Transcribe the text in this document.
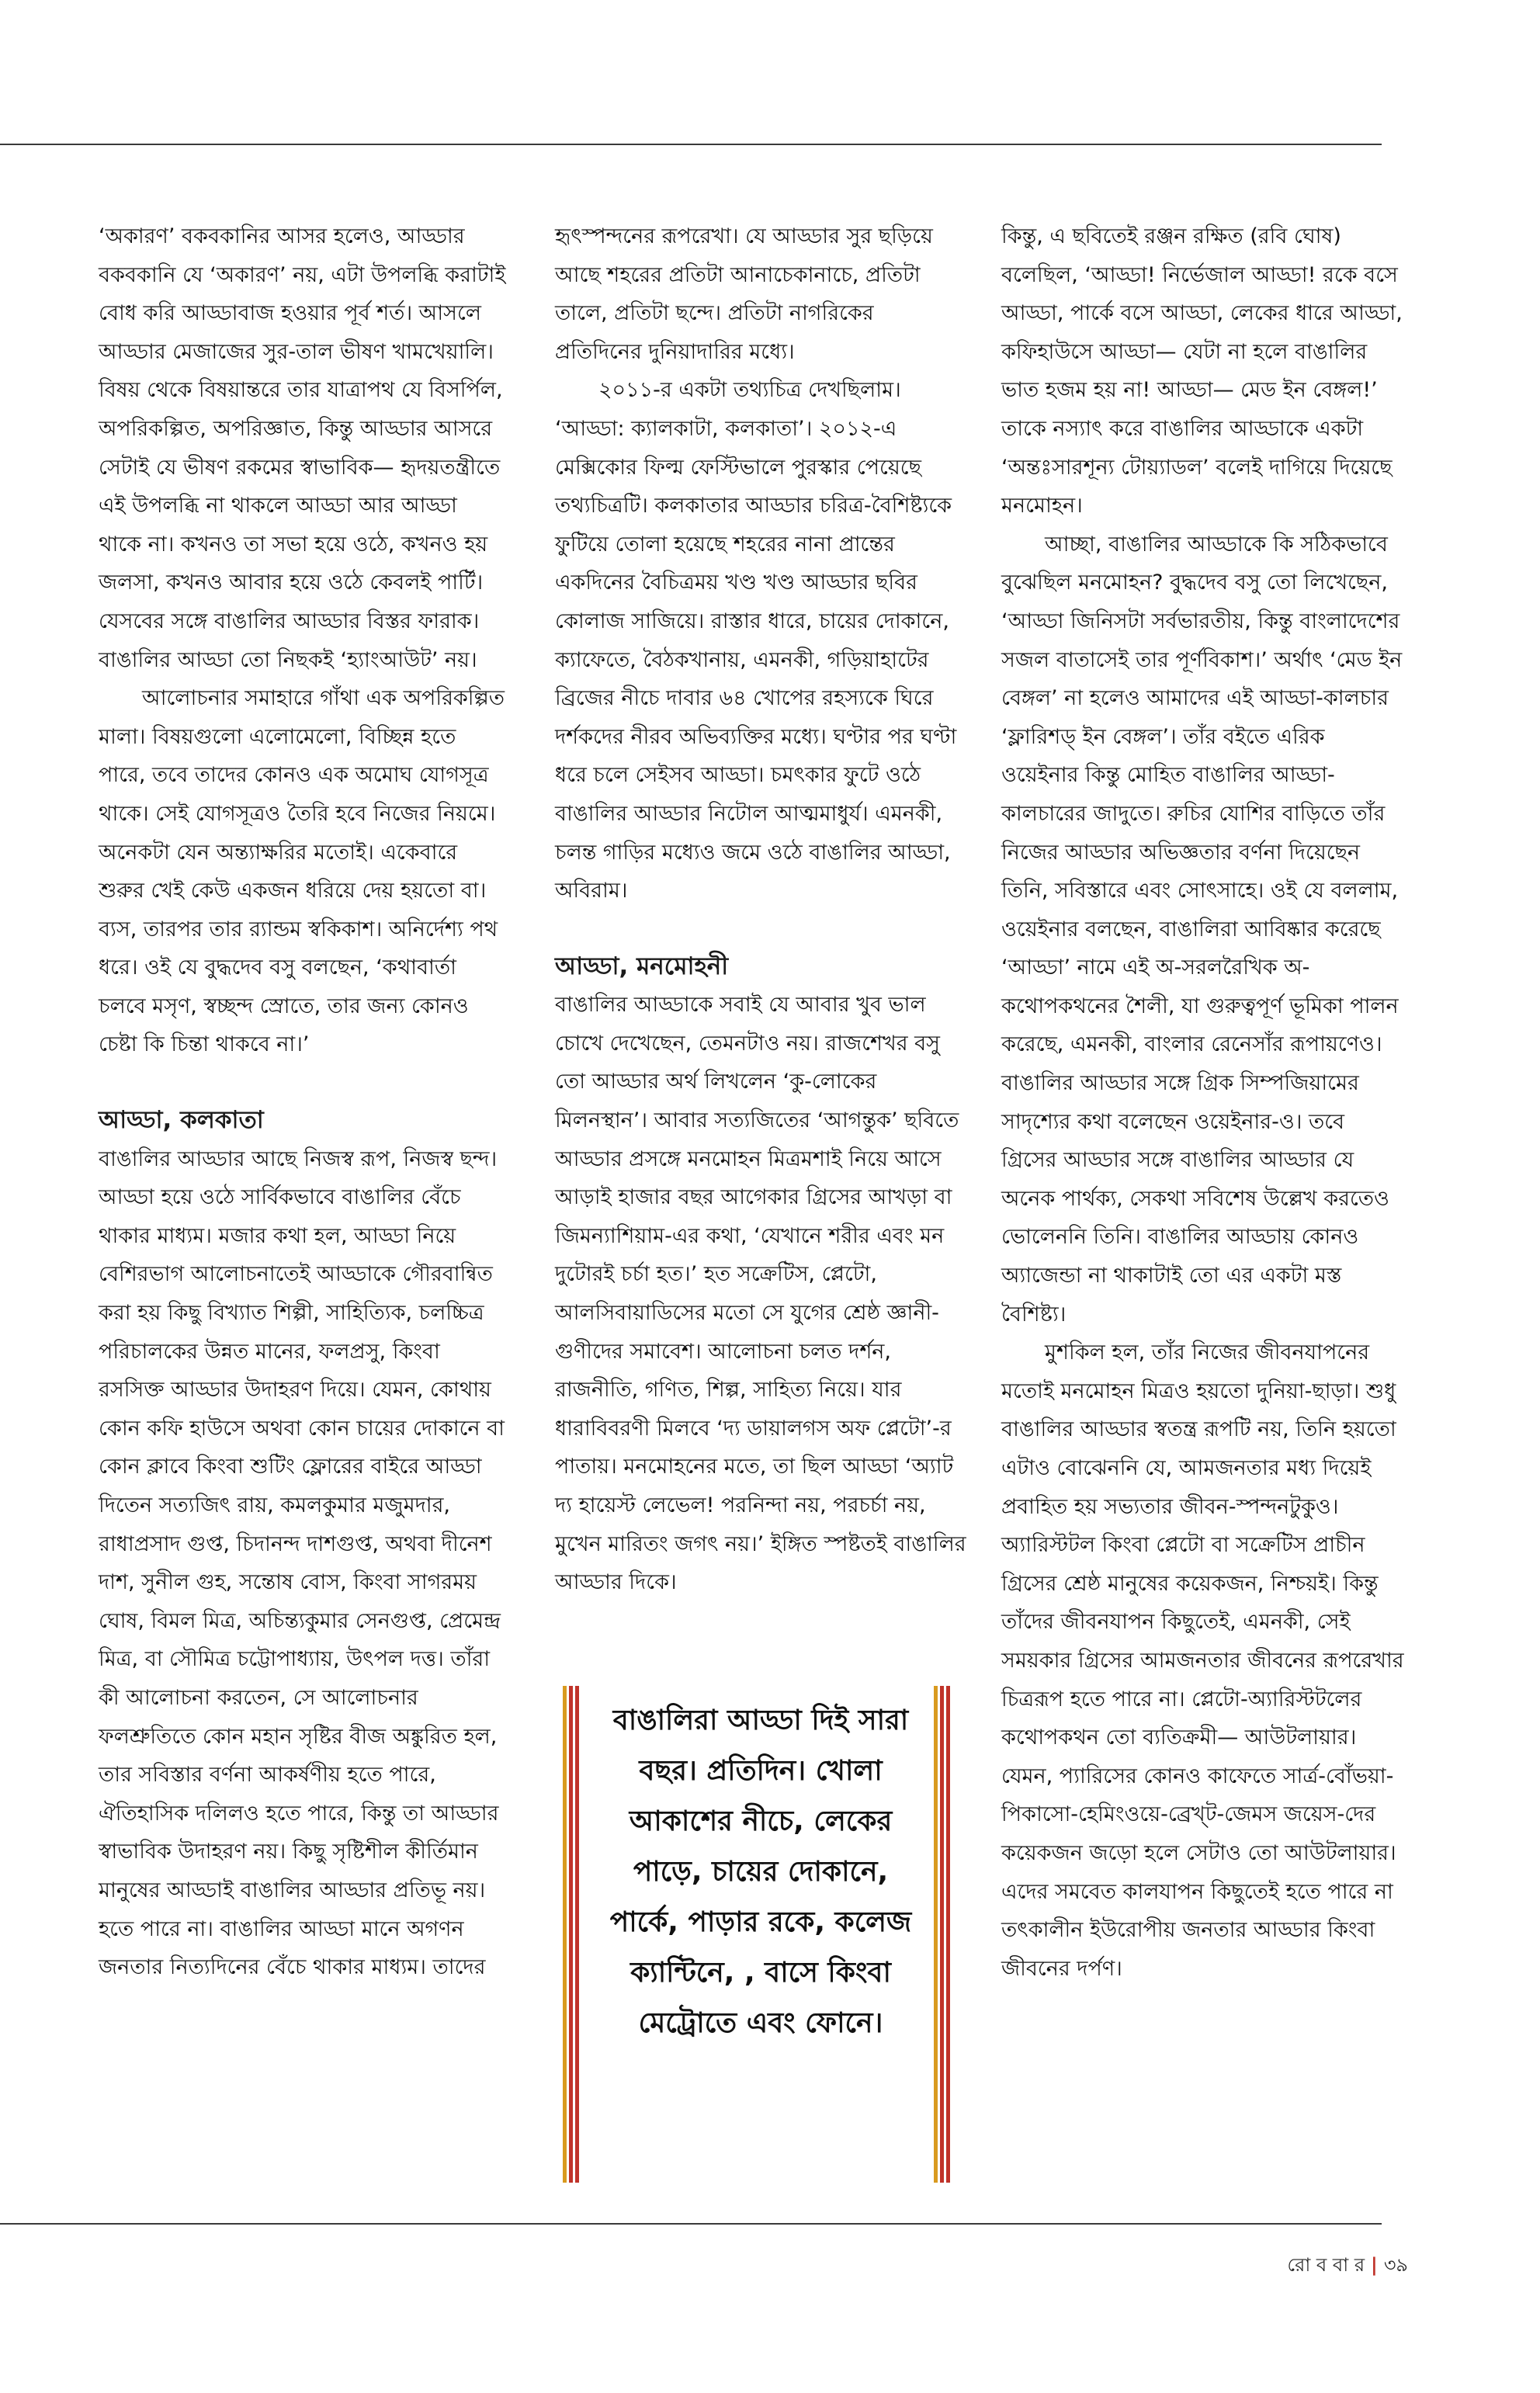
‘অকারণ’ বকবকানির আসর হলেও, আড্ডার বকবকানি যে ‘অকারণ’ নয়, এটা উপলব্ধি করাটাই বোধ করি আড্ডাবাজ হওয়ার পূর্ব শর্ত। আসলে আড্ডার মেজাজের সুর-তাল ভীষণ খামখেয়ালি। বিষয় থেকে বিষয়ান্তরে তার যাত্রাপথ যে বিসর্পিল, অপরিকল্পিত, অপরিজ্ঞাত, কিন্তু আড্ডার আসরে সেটাই যে ভীষণ রকমের স্বাভাবিক— হৃদয়তন্ত্রীতে এই উপলব্ধি না থাকলে আড্ডা আর আড্ডা থাকে না। কখনও তা সভা হয়ে ওঠে, কখনও হয় জলসা, কখনও আবার হয়ে ওঠে কেবলই পার্টি। যেসবের সঙ্গে বাঙালির আড্ডার বিস্তর ফারাক। বাঙালির আড্ডা তো নিছকই ‘হ্যাংআউট’ নয়।

আলোচনার সমাহারে গাঁথা এক অপরিকল্পিত মালা। বিষয়গুলো এলোমেলো, বিচ্ছিন্ন হতে পারে, তবে তাদের কোনও এক অমোঘ যোগসূত্র থাকে। সেই যোগসূত্রও তৈরি হবে নিজের নিয়মে। অনেকটা যেন অন্ত্যাক্ষরির মতোই। একেবারে শুরুর খেই কেউ একজন ধরিয়ে দেয় হয়তো বা। ব্যস, তারপর তার র‍্যান্ডম স্বকিকাশ। অনির্দেশ্য পথ ধরে। ওই যে বুদ্ধদেব বসু বলছেন, ‘কথাবার্তা চলবে মসৃণ, স্বচ্ছন্দ স্রোতে, তার জন্য কোনও চেষ্টা কি চিন্তা থাকবে না।’

আড্ডা, কলকাতা

বাঙালির আড্ডার আছে নিজস্ব রূপ, নিজস্ব ছন্দ। আড্ডা হয়ে ওঠে সার্বিকভাবে বাঙালির বেঁচে থাকার মাধ্যম। মজার কথা হল, আড্ডা নিয়ে বেশিরভাগ আলোচনাতেই আড্ডাকে গৌরবান্বিত করা হয় কিছু বিখ্যাত শিল্পী, সাহিত্যিক, চলচ্চিত্র পরিচালকের উন্নত মানের, ফলপ্রসু, কিংবা রসসিক্ত আড্ডার উদাহরণ দিয়ে। যেমন, কোথায় কোন কফি হাউসে অথবা কোন চায়ের দোকানে বা কোন ক্লাবে কিংবা শুটিং ফ্লোরের বাইরে আড্ডা দিতেন সত্যজিৎ রায়, কমলকুমার মজুমদার, রাধাপ্রসাদ গুপ্ত, চিদানন্দ দাশগুপ্ত, অথবা দীনেশ দাশ, সুনীল গুহ, সন্তোষ বোস, কিংবা সাগরময় ঘোষ, বিমল মিত্র, অচিন্ত্যকুমার সেনগুপ্ত, প্রেমেন্দ্র মিত্র, বা সৌমিত্র চট্টোপাধ্যায়, উৎপল দত্ত। তাঁরা কী আলোচনা করতেন, সে আলোচনার ফলশ্রুতিতে কোন মহান সৃষ্টির বীজ অঙ্কুরিত হল, তার সবিস্তার বর্ণনা আকর্ষণীয় হতে পারে, ঐতিহাসিক দলিলও হতে পারে, কিন্তু তা আড্ডার স্বাভাবিক উদাহরণ নয়। কিছু সৃষ্টিশীল কীর্তিমান মানুষের আড্ডাই বাঙালির আড্ডার প্রতিভূ নয়। হতে পারে না। বাঙালির আড্ডা মানে অগণন জনতার নিত্যদিনের বেঁচে থাকার মাধ্যম। তাদের

হৃৎস্পন্দনের রূপরেখা। যে আড্ডার সুর ছড়িয়ে আছে শহরের প্রতিটা আনাচেকানাচে, প্রতিটা তালে, প্রতিটা ছন্দে। প্রতিটা নাগরিকের প্রতিদিনের দুনিয়াদারির মধ্যে।

২০১১-র একটা তথ্যচিত্র দেখছিলাম। ‘আড্ডা: ক্যালকাটা, কলকাতা’। ২০১২-এ মেক্সিকোর ফিল্ম ফেস্টিভালে পুরস্কার পেয়েছে তথ্যচিত্রটি। কলকাতার আড্ডার চরিত্র-বৈশিষ্ট্যকে ফুটিয়ে তোলা হয়েছে শহরের নানা প্রান্তের একদিনের বৈচিত্রময় খণ্ড খণ্ড আড্ডার ছবির কোলাজ সাজিয়ে। রাস্তার ধারে, চায়ের দোকানে, ক্যাফেতে, বৈঠকখানায়, এমনকী, গড়িয়াহাটের ব্রিজের নীচে দাবার ৬৪ খোপের রহস্যকে ঘিরে দর্শকদের নীরব অভিব্যক্তির মধ্যে। ঘণ্টার পর ঘণ্টা ধরে চলে সেইসব আড্ডা। চমৎকার ফুটে ওঠে বাঙালির আড্ডার নিটোল আত্মমাধুর্য। এমনকী, চলন্ত গাড়ির মধ্যেও জমে ওঠে বাঙালির আড্ডা, অবিরাম।

আড্ডা, মনমোহনী

বাঙালির আড্ডাকে সবাই যে আবার খুব ভাল চোখে দেখেছেন, তেমনটাও নয়। রাজশেখর বসু তো আড্ডার অর্থ লিখলেন ‘কু-লোকের মিলনস্থান’। আবার সত্যজিতের ‘আগন্তুক’ ছবিতে আড্ডার প্রসঙ্গে মনমোহন মিত্রমশাই নিয়ে আসে আড়াই হাজার বছর আগেকার গ্রিসের আখড়া বা জিমন্যাশিয়াম-এর কথা, ‘যেখানে শরীর এবং মন দুটোরই চর্চা হত।’ হত সক্রেটিস, প্লেটো, আলসিবায়াডিসের মতো সে যুগের শ্রেষ্ঠ জ্ঞানী-গুণীদের সমাবেশ। আলোচনা চলত দর্শন, রাজনীতি, গণিত, শিল্প, সাহিত্য নিয়ে। যার ধারাবিবরণী মিলবে ‘দ্য ডায়ালগস অফ প্লেটো’-র পাতায়। মনমোহনের মতে, তা ছিল আড্ডা ‘অ্যাট দ্য হায়েস্ট লেভেল! পরনিন্দা নয়, পরচর্চা নয়, মুখেন মারিতং জগৎ নয়।’ ইঙ্গিত স্পষ্টতই বাঙালির আড্ডার দিকে।

বাঙালিরা আড্ডা দিই সারা বছর। প্রতিদিন। খোলা আকাশের নীচে, লেকের পাড়ে, চায়ের দোকানে, পার্কে, পাড়ার রকে, কলেজ ক্যান্টিনে, , বাসে কিংবা মেট্রোতে এবং ফোনে।

কিন্তু, এ ছবিতেই রঞ্জন রক্ষিত (রবি ঘোষ) বলেছিল, ‘আড্ডা! নির্ভেজাল আড্ডা! রকে বসে আড্ডা, পার্কে বসে আড্ডা, লেকের ধারে আড্ডা, কফিহাউসে আড্ডা— যেটা না হলে বাঙালির ভাত হজম হয় না! আড্ডা— মেড ইন বেঙ্গল!’ তাকে নস্যাৎ করে বাঙালির আড্ডাকে একটা ‘অন্তঃসারশূন্য টোয়্যাডল’ বলেই দাগিয়ে দিয়েছে মনমোহন।

আচ্ছা, বাঙালির আড্ডাকে কি সঠিকভাবে বুঝেছিল মনমোহন? বুদ্ধদেব বসু তো লিখেছেন, ‘আড্ডা জিনিসটা সর্বভারতীয়, কিন্তু বাংলাদেশের সজল বাতাসেই তার পূর্ণবিকাশ।’ অর্থাৎ ‘মেড ইন বেঙ্গল’ না হলেও আমাদের এই আড্ডা-কালচার ‘ফ্লারিশড্ ইন বেঙ্গল’। তাঁর বইতে এরিক ওয়েইনার কিন্তু মোহিত বাঙালির আড্ডা-কালচারের জাদুতে। রুচির যোশির বাড়িতে তাঁর নিজের আড্ডার অভিজ্ঞতার বর্ণনা দিয়েছেন তিনি, সবিস্তারে এবং সোৎসাহে। ওই যে বললাম, ওয়েইনার বলছেন, বাঙালিরা আবিষ্কার করেছে ‘আড্ডা’ নামে এই অ-সরলরৈখিক অ-কথোপকথনের শৈলী, যা গুরুত্বপূর্ণ ভূমিকা পালন করেছে, এমনকী, বাংলার রেনেসাঁর রূপায়ণেও। বাঙালির আড্ডার সঙ্গে গ্রিক সিম্পজিয়ামের সাদৃশ্যের কথা বলেছেন ওয়েইনার-ও। তবে গ্রিসের আড্ডার সঙ্গে বাঙালির আড্ডার যে অনেক পার্থক্য, সেকথা সবিশেষ উল্লেখ করতেও ভোলেননি তিনি। বাঙালির আড্ডায় কোনও অ্যাজেন্ডা না থাকাটাই তো এর একটা মস্ত বৈশিষ্ট্য।

মুশকিল হল, তাঁর নিজের জীবনযাপনের মতোই মনমোহন মিত্রও হয়তো দুনিয়া-ছাড়া। শুধু বাঙালির আড্ডার স্বতন্ত্র রূপটি নয়, তিনি হয়তো এটাও বোঝেননি যে, আমজনতার মধ্য দিয়েই প্রবাহিত হয় সভ্যতার জীবন-স্পন্দনটুকুও। অ্যারিস্টটল কিংবা প্লেটো বা সক্রেটিস প্রাচীন গ্রিসের শ্রেষ্ঠ মানুষের কয়েকজন, নিশ্চয়ই। কিন্তু তাঁদের জীবনযাপন কিছুতেই, এমনকী, সেই সময়কার গ্রিসের আমজনতার জীবনের রূপরেখার চিত্ররূপ হতে পারে না। প্লেটো-অ্যারিস্টটলের কথোপকথন তো ব্যতিক্রমী— আউটলায়ার। যেমন, প্যারিসের কোনও কাফেতে সার্ত্র-বোঁভয়া-পিকাসো-হেমিংওয়ে-ব্রেখ্ট-জেমস জয়েস-দের কয়েকজন জড়ো হলে সেটাও তো আউটলায়ার। এদের সমবেত কালযাপন কিছুতেই হতে পারে না তৎকালীন ইউরোপীয় জনতার আড্ডার কিংবা জীবনের দর্পণ।

রো ব বা র | ৩৯
